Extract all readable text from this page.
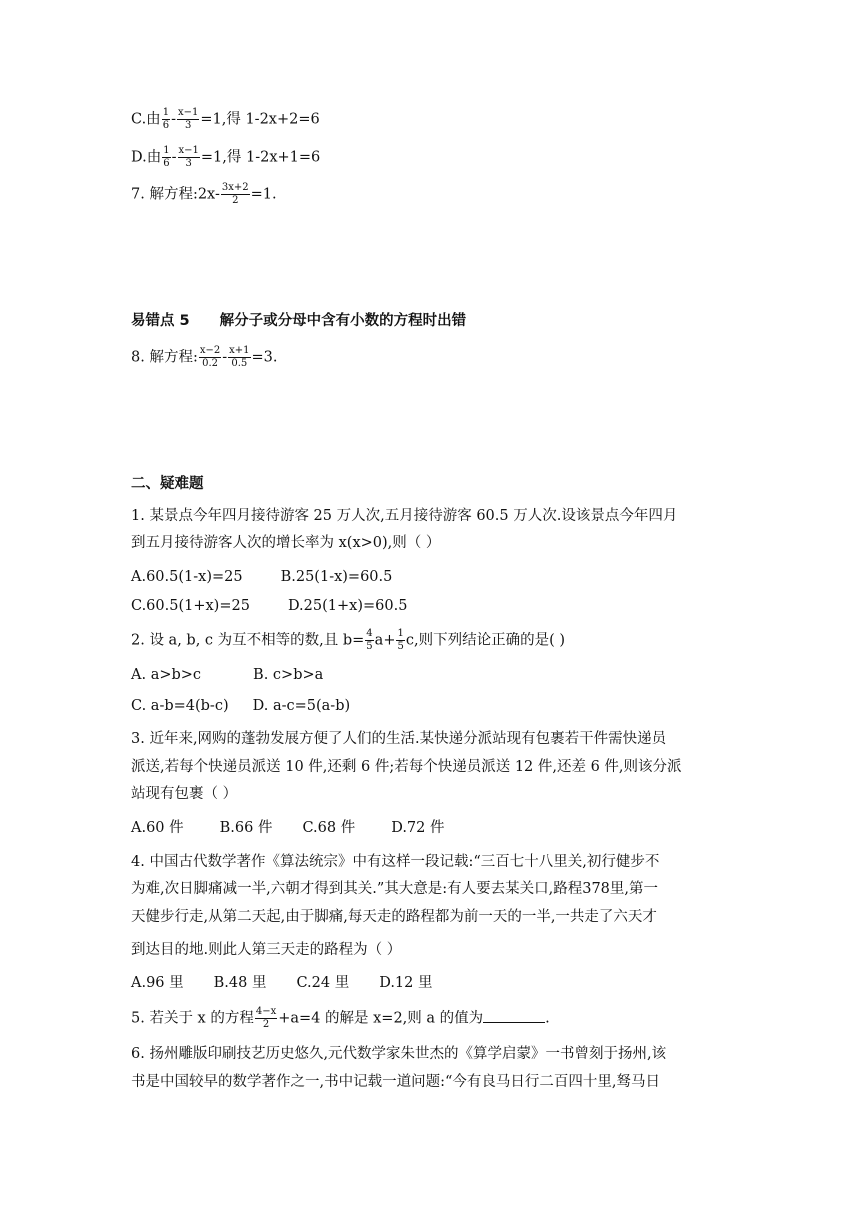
C.由 $\frac{1}{6} - \frac{x-1}{3} =1$,得 1-2x+2=6
D.由 $\frac{1}{6} - \frac{x-1}{3} =1$,得 1-2x+1=6
7. 解方程:2x- $\frac{3x+2}{2} =1$.
易错点 5 解分子或分母中含有小数的方程时出错
8. 解方程: $\frac{x-2}{0.2} - \frac{x+1}{0.5} =3$.
二、疑难题
1. 某景点今年四月接待游客 25 万人次,五月接待游客 60.5 万人次.设该景点今年四月
到五月接待游客人次的增长率为 x(x>0),则（ ）
A.60.5(1-x)=25	B.25(1-x)=60.5
C.60.5(1+x)=25	D.25(1+x)=60.5
2. 设 a, b, c 为互不相等的数,且 $b= \frac{4}{5} a+ \frac{1}{5} c$,则下列结论正确的是( )
A. a>b>c	B. c>b>a
C. a-b=4(b-c) D. a-c=5(a-b)
3. 近年来,网购的蓬勃发展方便了人们的生活.某快递分派站现有包裹若干件需快递员
派送,若每个快递员派送 10 件,还剩 6 件;若每个快递员派送 12 件,还差 6 件,则该分派
站现有包裹（ ）
A.60 件 B.66 件 C.68 件 D.72 件
4. 中国古代数学著作《算法统宗》中有这样一段记载:“三百七十八里关,初行健步不
为难,次日脚痛减一半,六朝才得到其关.”其大意是:有人要去某关口,路程378里,第一
天健步行走,从第二天起,由于脚痛,每天走的路程都为前一天的一半,一共走了六天才
到达目的地.则此人第三天走的路程为（ ）
A.96 里 B.48 里 C.24 里 D.12 里
5. 若关于 x 的方程 $\frac{4-x}{2} +a=4$ 的解是 x=2,则 a 的值为	.
6. 扬州雕版印刷技艺历史悠久,元代数学家朱世杰的《算学启蒙》一书曾刻于扬州,该
书是中国较早的数学著作之一,书中记载一道问题:“今有良马日行二百四十里,驽马日
